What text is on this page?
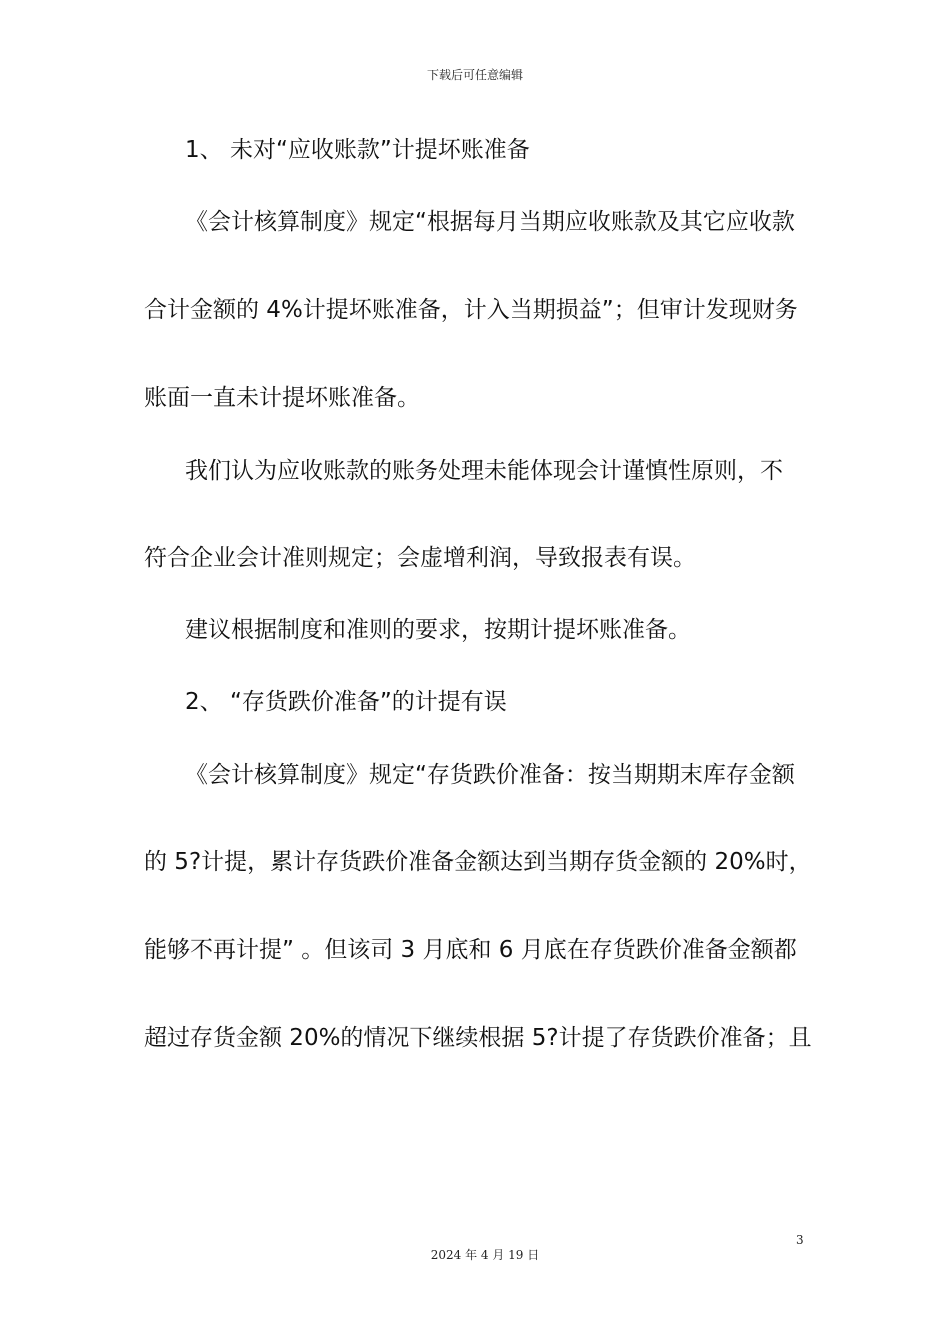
下载后可任意编辑
1、 未对“应收账款”计提坏账准备
《会计核算制度》规定“根据每月当期应收账款及其它应收款
合计金额的 4%计提坏账准备，计入当期损益”；但审计发现财务
账面一直未计提坏账准备。
我们认为应收账款的账务处理未能体现会计谨慎性原则，不
符合企业会计准则规定；会虚增利润，导致报表有误。
建议根据制度和准则的要求，按期计提坏账准备。
2、 “存货跌价准备”的计提有误
《会计核算制度》规定“存货跌价准备：按当期期末库存金额
的 5?计提，累计存货跌价准备金额达到当期存货金额的 20%时，
能够不再计提” 。但该司 3 月底和 6 月底在存货跌价准备金额都
超过存货金额 20%的情况下继续根据 5?计提了存货跌价准备；且
3
2024 年 4 月 19 日
